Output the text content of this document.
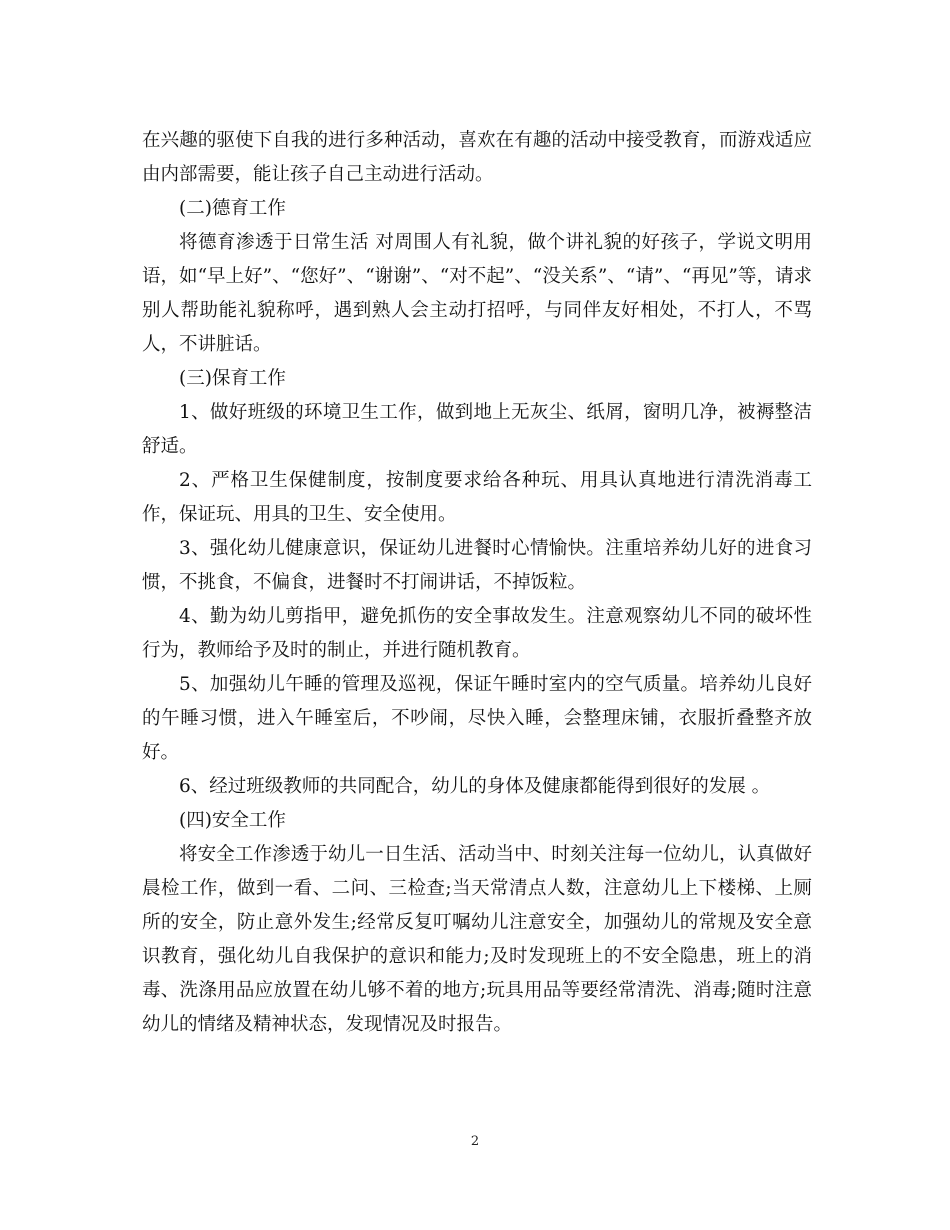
在兴趣的驱使下自我的进行多种活动，喜欢在有趣的活动中接受教育，而游戏适应由内部需要，能让孩子自己主动进行活动。

(二)德育工作

将德育渗透于日常生活 对周围人有礼貌，做个讲礼貌的好孩子，学说文明用语，如“早上好”、“您好”、“谢谢”、“对不起”、“没关系”、“请”、“再见”等，请求别人帮助能礼貌称呼，遇到熟人会主动打招呼，与同伴友好相处，不打人，不骂人，不讲脏话。

(三)保育工作

1、做好班级的环境卫生工作，做到地上无灰尘、纸屑，窗明几净，被褥整洁舒适。

2、严格卫生保健制度，按制度要求给各种玩、用具认真地进行清洗消毒工作，保证玩、用具的卫生、安全使用。

3、强化幼儿健康意识，保证幼儿进餐时心情愉快。注重培养幼儿好的进食习惯，不挑食，不偏食，进餐时不打闹讲话，不掉饭粒。

4、勤为幼儿剪指甲，避免抓伤的安全事故发生。注意观察幼儿不同的破坏性行为，教师给予及时的制止，并进行随机教育。

5、加强幼儿午睡的管理及巡视，保证午睡时室内的空气质量。培养幼儿良好的午睡习惯，进入午睡室后，不吵闹，尽快入睡，会整理床铺，衣服折叠整齐放好。

6、经过班级教师的共同配合，幼儿的身体及健康都能得到很好的发展 。

(四)安全工作

将安全工作渗透于幼儿一日生活、活动当中、时刻关注每一位幼儿，认真做好晨检工作，做到一看、二问、三检查;当天常清点人数，注意幼儿上下楼梯、上厕所的安全，防止意外发生;经常反复叮嘱幼儿注意安全，加强幼儿的常规及安全意识教育，强化幼儿自我保护的意识和能力;及时发现班上的不安全隐患，班上的消毒、洗涤用品应放置在幼儿够不着的地方;玩具用品等要经常清洗、消毒;随时注意幼儿的情绪及精神状态，发现情况及时报告。

2
